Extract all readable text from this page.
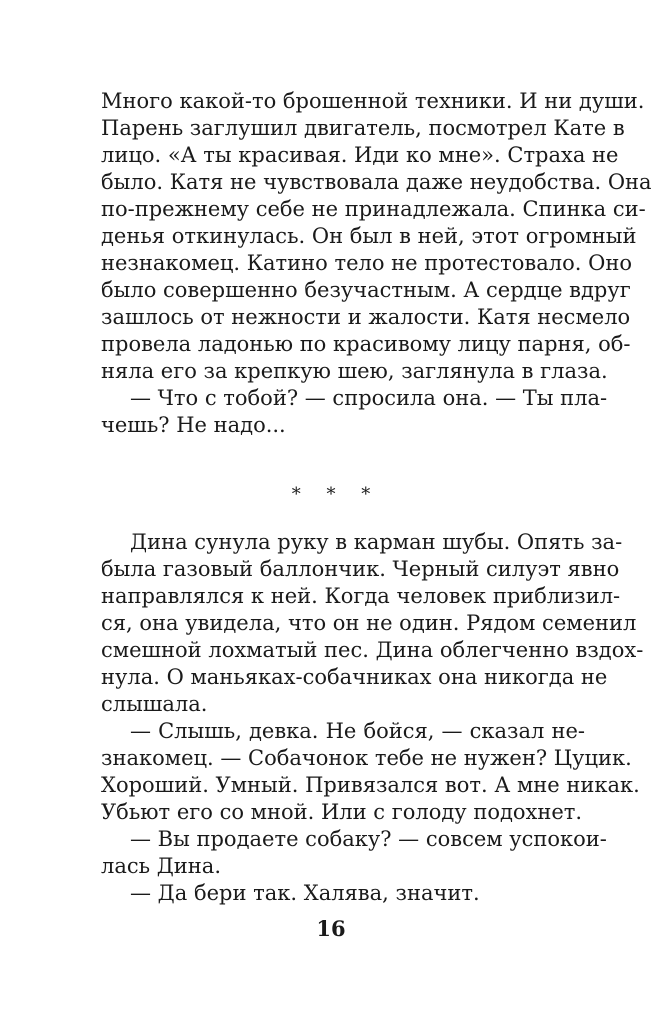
Много какой-то брошенной техники. И ни души.
Парень заглушил двигатель, посмотрел Кате в
лицо. «А ты красивая. Иди ко мне». Страха не
было. Катя не чувствовала даже неудобства. Она
по-прежнему себе не принадлежала. Спинка си-
денья откинулась. Он был в ней, этот огромный
незнакомец. Катино тело не протестовало. Оно
было совершенно безучастным. А сердце вдруг
зашлось от нежности и жалости. Катя несмело
провела ладонью по красивому лицу парня, об-
няла его за крепкую шею, заглянула в глаза.
— Что с тобой? — спросила она. — Ты пла-
чешь? Не надо...
* * *
Дина сунула руку в карман шубы. Опять за-
была газовый баллончик. Черный силуэт явно
направлялся к ней. Когда человек приблизил-
ся, она увидела, что он не один. Рядом семенил
смешной лохматый пес. Дина облегченно вздох-
нула. О маньяках-собачниках она никогда не
слышала.
— Слышь, девка. Не бойся, — сказал не-
знакомец. — Собачонок тебе не нужен? Цуцик.
Хороший. Умный. Привязался вот. А мне никак.
Убьют его со мной. Или с голоду подохнет.
— Вы продаете собаку? — совсем успокои-
лась Дина.
— Да бери так. Халява, значит.
16
